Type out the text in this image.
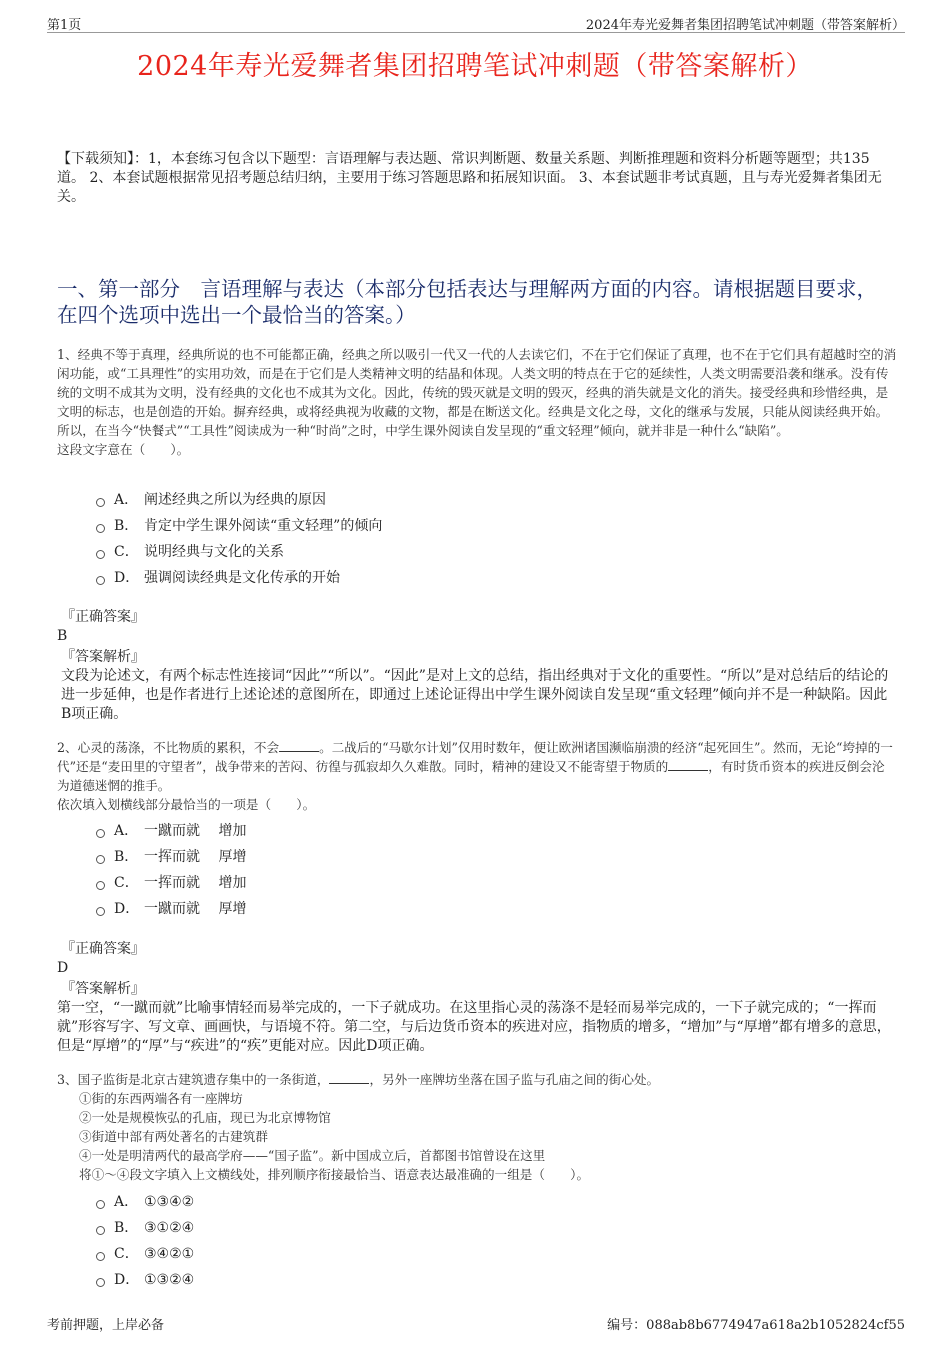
第1页	2024年寿光爱舞者集团招聘笔试冲刺题（带答案解析）
2024年寿光爱舞者集团招聘笔试冲刺题（带答案解析）
【下载须知】：1，本套练习包含以下题型：言语理解与表达题、常识判断题、数量关系题、判断推理题和资料分析题等题型；共135道。 2、本套试题根据常见招考题总结归纳，主要用于练习答题思路和拓展知识面。 3、本套试题非考试真题，且与寿光爱舞者集团无关。
一、第一部分　言语理解与表达（本部分包括表达与理解两方面的内容。请根据题目要求，在四个选项中选出一个最恰当的答案。）

1、经典不等于真理，经典所说的也不可能都正确，经典之所以吸引一代又一代的人去读它们，不在于它们保证了真理，也不在于它们具有超越时空的消闲功能，或“工具理性”的实用功效，而是在于它们是人类精神文明的结晶和体现。人类文明的特点在于它的延续性，人类文明需要沿袭和继承。没有传统的文明不成其为文明，没有经典的文化也不成其为文化。因此，传统的毁灭就是文明的毁灭，经典的消失就是文化的消失。接受经典和珍惜经典，是文明的标志，也是创造的开始。摒弃经典，或将经典视为收藏的文物，都是在断送文化。经典是文化之母，文化的继承与发展，只能从阅读经典开始。所以，在当今“快餐式”“工具性”阅读成为一种“时尚”之时，中学生课外阅读自发呈现的“重文轻理”倾向，就并非是一种什么“缺陷”。

这段文字意在（　　）。

A． 阐述经典之所以为经典的原因
B． 肯定中学生课外阅读“重文轻理”的倾向
C． 说明经典与文化的关系
D． 强调阅读经典是文化传承的开始

『正确答案』

B

『答案解析』

文段为论述文，有两个标志性连接词“因此”“所以”。“因此”是对上文的总结，指出经典对于文化的重要性。“所以”是对总结后的结论的进一步延伸，也是作者进行上述论述的意图所在，即通过上述论证得出中学生课外阅读自发呈现“重文轻理”倾向并不是一种缺陷。因此B项正确。

2、心灵的荡涤，不比物质的累积，不会	。二战后的“马歇尔计划”仅用时数年，便让欧洲诸国濒临崩溃的经济“起死回生”。然而，无论“垮掉的一代”还是“麦田里的守望者”，战争带来的苦闷、彷徨与孤寂却久久难散。同时，精神的建设又不能寄望于物质的	，有时货币资本的疾进反倒会沦为道德迷惘的推手。

依次填入划横线部分最恰当的一项是（　　）。

A． 一蹴而就　 增加
B． 一挥而就　 厚增
C． 一挥而就　 增加
D． 一蹴而就　 厚增

『正确答案』

D

『答案解析』

第一空，“一蹴而就”比喻事情轻而易举完成的，一下子就成功。在这里指心灵的荡涤不是轻而易举完成的，一下子就完成的；“一挥而就”形容写字、写文章、画画快，与语境不符。第二空，与后边货币资本的疾进对应，指物质的增多，“增加”与“厚增”都有增多的意思，但是“厚增”的“厚”与“疾进”的“疾”更能对应。因此D项正确。

3、国子监街是北京古建筑遗存集中的一条街道，	，另外一座牌坊坐落在国子监与孔庙之间的街心处。

①街的东西两端各有一座牌坊

②一处是规模恢弘的孔庙，现已为北京博物馆

③街道中部有两处著名的古建筑群

④一处是明清两代的最高学府——“国子监”。新中国成立后，首都图书馆曾设在这里

将①～④段文字填入上文横线处，排列顺序衔接最恰当、语意表达最准确的一组是（　　）。

A． ①③④②
B． ③①②④
C． ③④②①
D． ①③②④
考前押题，上岸必备	编号：088ab8b6774947a618a2b1052824cf55
